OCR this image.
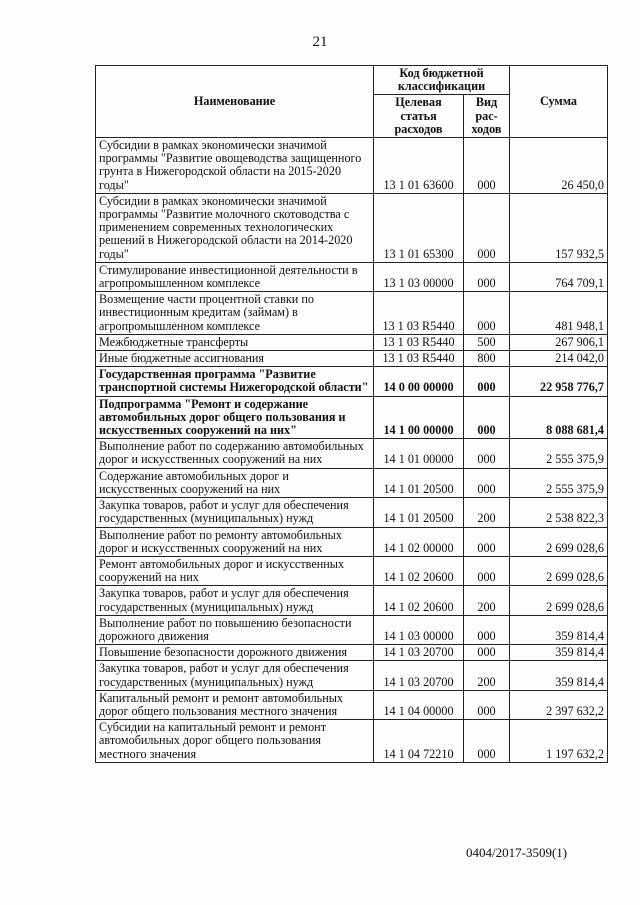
21
Наименование	Код бюджетной классификации		Сумма
	Целевая статья расходов	Вид рас-ходов	
Субсидии в рамках экономически значимой программы "Развитие овощеводства защищенного грунта в Нижегородской области на 2015-2020 годы"	13 1 01 63600	000	26 450,0
Субсидии в рамках экономически значимой программы "Развитие молочного скотоводства с применением современных технологических решений в Нижегородской области на 2014-2020 годы"	13 1 01 65300	000	157 932,5
Стимулирование инвестиционной деятельности в агропромышленном комплексе	13 1 03 00000	000	764 709,1
Возмещение части процентной ставки по инвестиционным кредитам (займам) в агропромышленном комплексе	13 1 03 R5440	000	481 948,1
Межбюджетные трансферты	13 1 03 R5440	500	267 906,1
Иные бюджетные ассигнования	13 1 03 R5440	800	214 042,0
Государственная программа "Развитие транспортной системы Нижегородской области"	14 0 00 00000	000	22 958 776,7
Подпрограмма "Ремонт и содержание автомобильных дорог общего пользования и искусственных сооружений на них"	14 1 00 00000	000	8 088 681,4
Выполнение работ по содержанию автомобильных дорог и искусственных сооружений на них	14 1 01 00000	000	2 555 375,9
Содержание автомобильных дорог и искусственных сооружений на них	14 1 01 20500	000	2 555 375,9
Закупка товаров, работ и услуг для обеспечения государственных (муниципальных) нужд	14 1 01 20500	200	2 538 822,3
Выполнение работ по ремонту автомобильных дорог и искусственных сооружений на них	14 1 02 00000	000	2 699 028,6
Ремонт автомобильных дорог и искусственных сооружений на них	14 1 02 20600	000	2 699 028,6
Закупка товаров, работ и услуг для обеспечения государственных (муниципальных) нужд	14 1 02 20600	200	2 699 028,6
Выполнение работ по повышению безопасности дорожного движения	14 1 03 00000	000	359 814,4
Повышение безопасности дорожного движения	14 1 03 20700	000	359 814,4
Закупка товаров, работ и услуг для обеспечения государственных (муниципальных) нужд	14 1 03 20700	200	359 814,4
Капитальный ремонт и ремонт автомобильных дорог общего пользования местного значения	14 1 04 00000	000	2 397 632,2
Субсидии на капитальный ремонт и ремонт автомобильных дорог общего пользования местного значения	14 1 04 72210	000	1 197 632,2
0404/2017-3509(1)
